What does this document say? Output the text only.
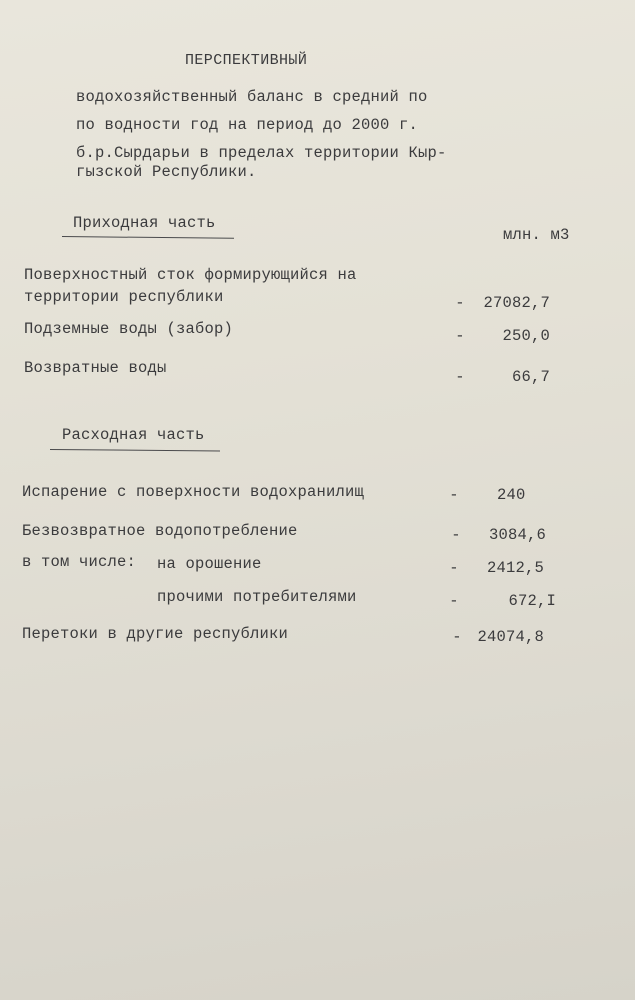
ПЕРСПЕКТИВНЫЙ
водохозяйственный баланс в средний по
по водности год на период до 2000 г.
б.р.Сырдарьи в пределах территории Кыр-
гызской Республики.
Приходная часть
млн. м3
Поверхностный сток формирующийся на
территории республики	-	27082,7
Подземные воды (забор)	-	250,0
Возвратные воды	-	66,7
Расходная часть
Испарение с поверхности водохранилищ	- 240
Безвозвратное водопотребление	-	3084,6
в том числе: на орошение	-	2412,5
прочими потребителями	-	672,I
Перетоки в другие республики	-	24074,8
